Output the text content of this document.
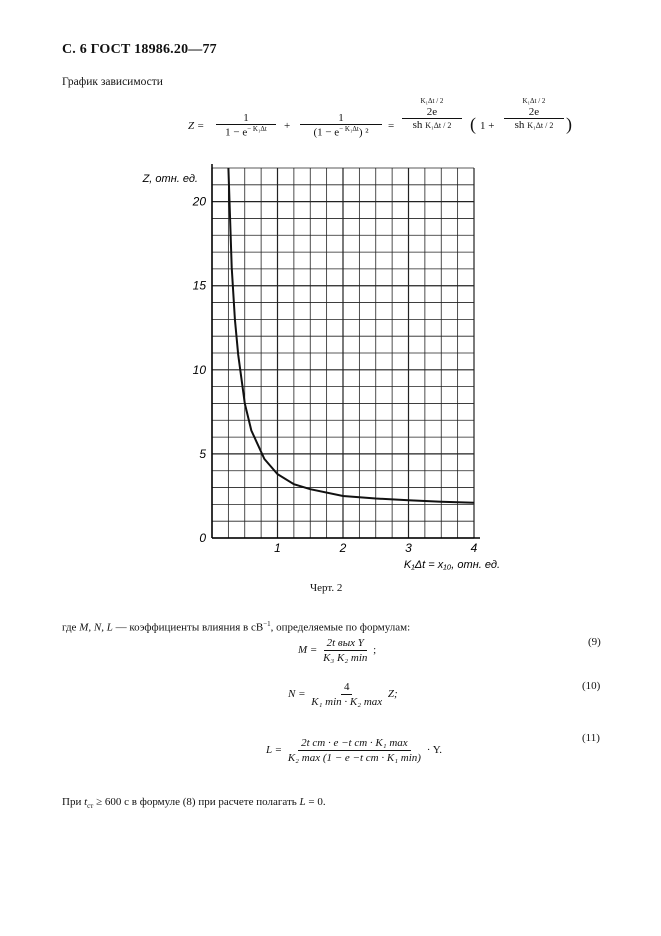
С. 6 ГОСТ 18986.20—77
График зависимости
$Z = \frac{1}{1 - e^{- K_1\Delta t}} + \frac{1}{(1 - e^{- K_1\Delta t}) ^2} = K_1\Delta t / 2$
2e
sh K₁Δt / 2 ( 1 + K₁Δt / 2
2e
sh K₁Δt / 2 )
1	2	3	4
0
5
10
15
20
Z, отн. ед.
K₁Δt = x₁₀, отн. ед.
Черт. 2
где M, N, L — коэффициенты влияния в $сВ^{-1}$, определяемые по формулам:
$M = \frac{\text{2t вых Y}}{\text{K₃ K₂ min}}$ ;
(9)
$N = \frac{4}{\text{K₁ min · K₂ max}} Z$;
(10)
$L = \frac{\text{2t ст · e −t ст · K₁ max}}{\text{K₂ max (1 − e −t ст · K₁ min)}} \cdot Y$.
(11)
При $t_{ст} \ge 600$ с в формуле (8) при расчете полагать L = 0.
